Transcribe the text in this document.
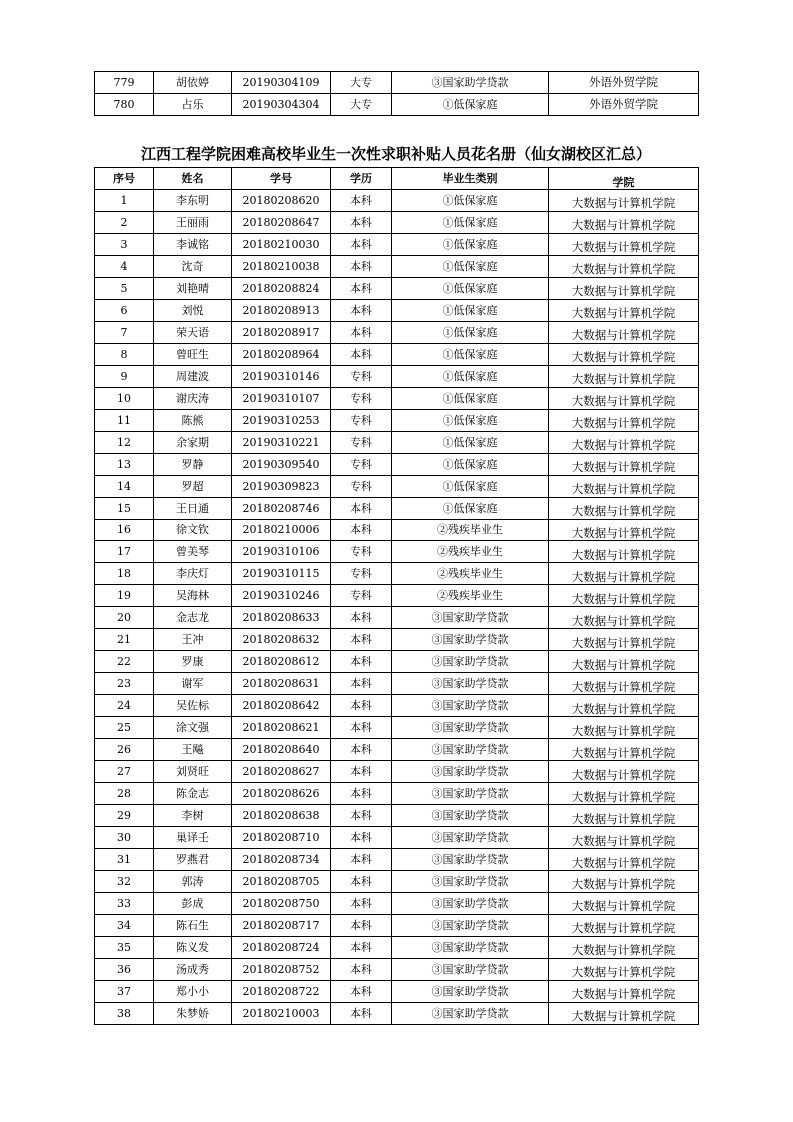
779	胡依婷	20190304109	大专	③国家助学贷款	外语外贸学院
780	占乐	20190304304	大专	①低保家庭	外语外贸学院
江西工程学院困难高校毕业生一次性求职补贴人员花名册（仙女湖校区汇总）
序号	姓名	学号	学历	毕业生类别	学院
1	李东明	20180208620	本科	①低保家庭	大数据与计算机学院
2	王丽雨	20180208647	本科	①低保家庭	大数据与计算机学院
3	李诚铭	20180210030	本科	①低保家庭	大数据与计算机学院
4	沈奇	20180210038	本科	①低保家庭	大数据与计算机学院
5	刘艳晴	20180208824	本科	①低保家庭	大数据与计算机学院
6	刘悦	20180208913	本科	①低保家庭	大数据与计算机学院
7	荣天语	20180208917	本科	①低保家庭	大数据与计算机学院
8	曾旺生	20180208964	本科	①低保家庭	大数据与计算机学院
9	周建波	20190310146	专科	①低保家庭	大数据与计算机学院
10	谢庆涛	20190310107	专科	①低保家庭	大数据与计算机学院
11	陈熊	20190310253	专科	①低保家庭	大数据与计算机学院
12	余家期	20190310221	专科	①低保家庭	大数据与计算机学院
13	罗静	20190309540	专科	①低保家庭	大数据与计算机学院
14	罗超	20190309823	专科	①低保家庭	大数据与计算机学院
15	王日通	20180208746	本科	①低保家庭	大数据与计算机学院
16	徐文钦	20180210006	本科	②残疾毕业生	大数据与计算机学院
17	曾美琴	20190310106	专科	②残疾毕业生	大数据与计算机学院
18	李庆灯	20190310115	专科	②残疾毕业生	大数据与计算机学院
19	吴海林	20190310246	专科	②残疾毕业生	大数据与计算机学院
20	金志龙	20180208633	本科	③国家助学贷款	大数据与计算机学院
21	王冲	20180208632	本科	③国家助学贷款	大数据与计算机学院
22	罗康	20180208612	本科	③国家助学贷款	大数据与计算机学院
23	谢军	20180208631	本科	③国家助学贷款	大数据与计算机学院
24	吴佐标	20180208642	本科	③国家助学贷款	大数据与计算机学院
25	涂文强	20180208621	本科	③国家助学贷款	大数据与计算机学院
26	王飚	20180208640	本科	③国家助学贷款	大数据与计算机学院
27	刘贤旺	20180208627	本科	③国家助学贷款	大数据与计算机学院
28	陈金志	20180208626	本科	③国家助学贷款	大数据与计算机学院
29	李树	20180208638	本科	③国家助学贷款	大数据与计算机学院
30	巢译壬	20180208710	本科	③国家助学贷款	大数据与计算机学院
31	罗燕君	20180208734	本科	③国家助学贷款	大数据与计算机学院
32	郭涛	20180208705	本科	③国家助学贷款	大数据与计算机学院
33	彭成	20180208750	本科	③国家助学贷款	大数据与计算机学院
34	陈石生	20180208717	本科	③国家助学贷款	大数据与计算机学院
35	陈义发	20180208724	本科	③国家助学贷款	大数据与计算机学院
36	汤成秀	20180208752	本科	③国家助学贷款	大数据与计算机学院
37	郑小小	20180208722	本科	③国家助学贷款	大数据与计算机学院
38	朱梦娇	20180210003	本科	③国家助学贷款	大数据与计算机学院
